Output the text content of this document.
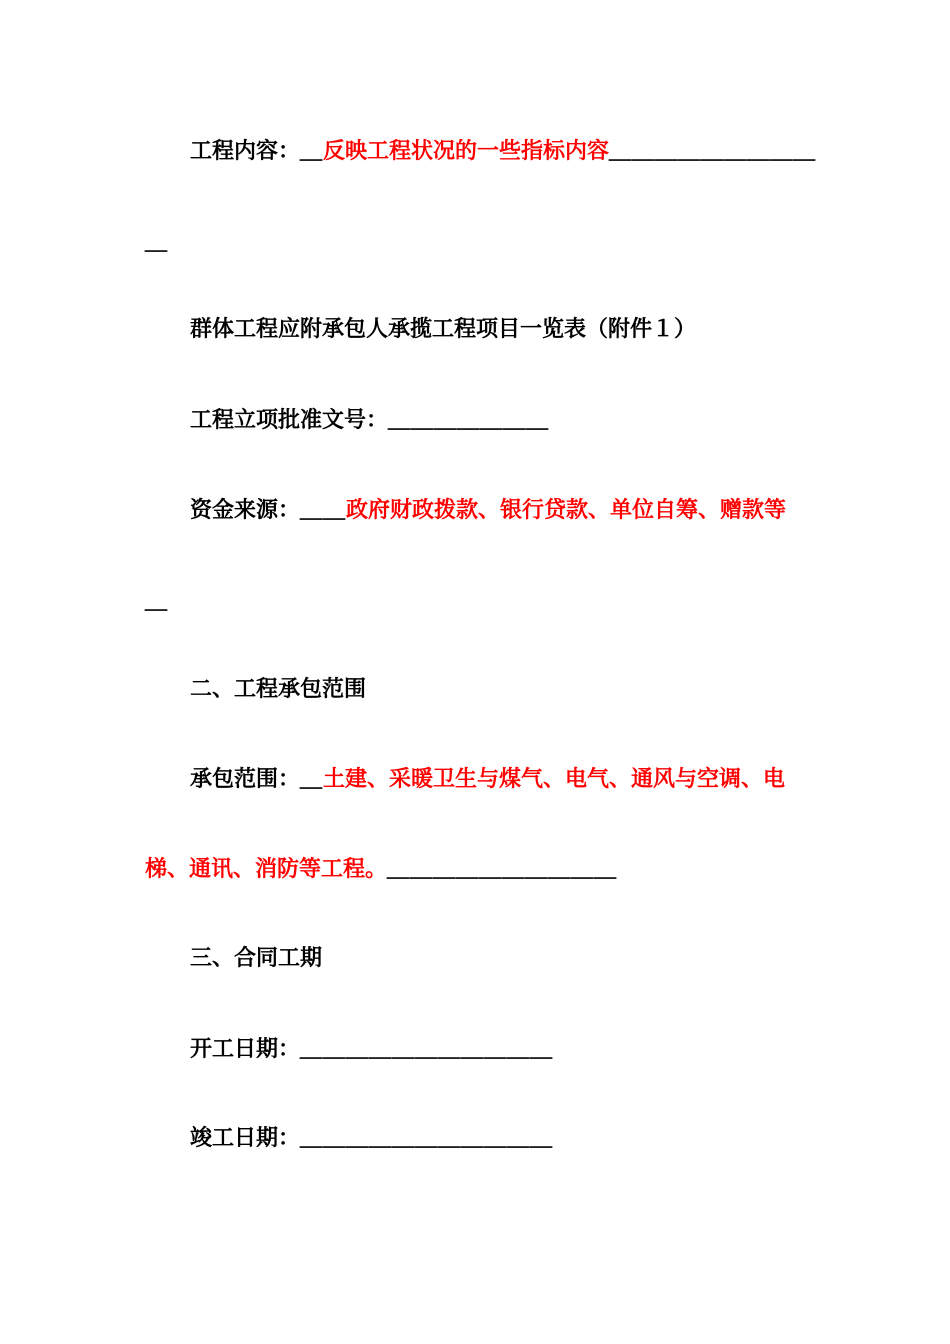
工程内容：＿反映工程状况的一些指标内容＿＿＿＿＿＿＿＿＿
＿
群体工程应附承包人承揽工程项目一览表（附件１）
工程立项批准文号：＿＿＿＿＿＿＿
资金来源：＿＿政府财政拨款、银行贷款、单位自筹、赠款等
＿
二、工程承包范围
承包范围：＿土建、采暖卫生与煤气、电气、通风与空调、电
梯、通讯、消防等工程。＿＿＿＿＿＿＿＿＿＿
三、合同工期
开工日期：＿＿＿＿＿＿＿＿＿＿＿
竣工日期：＿＿＿＿＿＿＿＿＿＿＿
